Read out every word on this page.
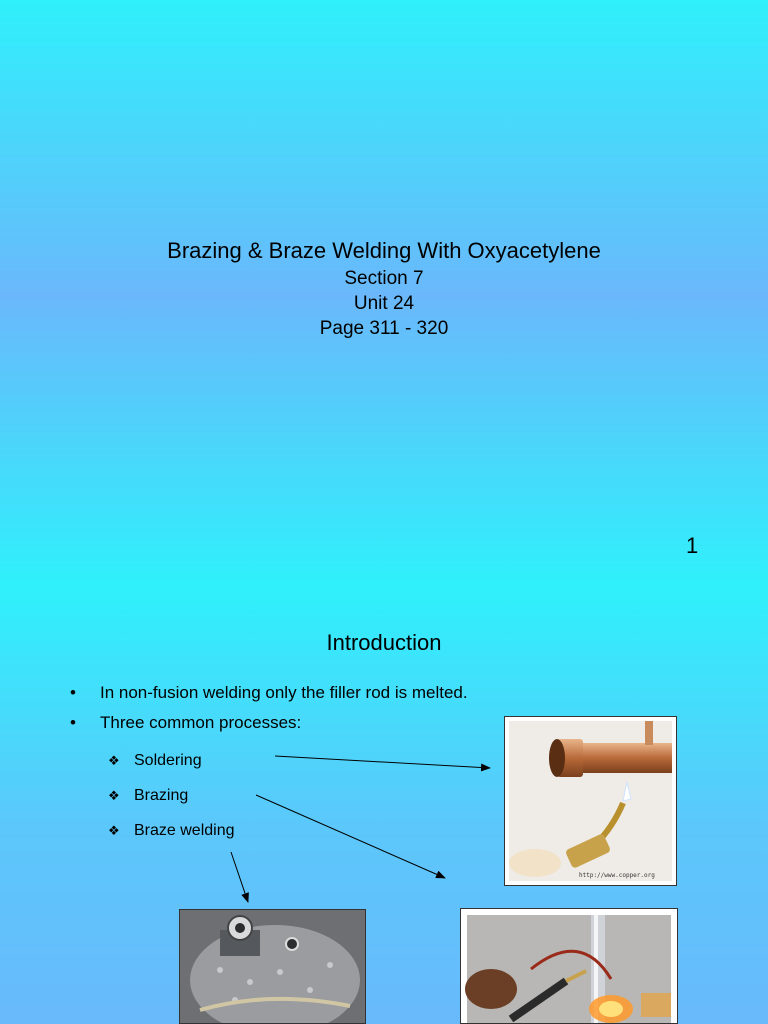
Brazing & Braze Welding With Oxyacetylene
Section 7
Unit 24
Page 311 - 320
1
Introduction
• In non-fusion welding only the filler rod is melted.
• Three common processes:
❖ Soldering
❖ Brazing
❖ Braze welding
http://www.copper.org
